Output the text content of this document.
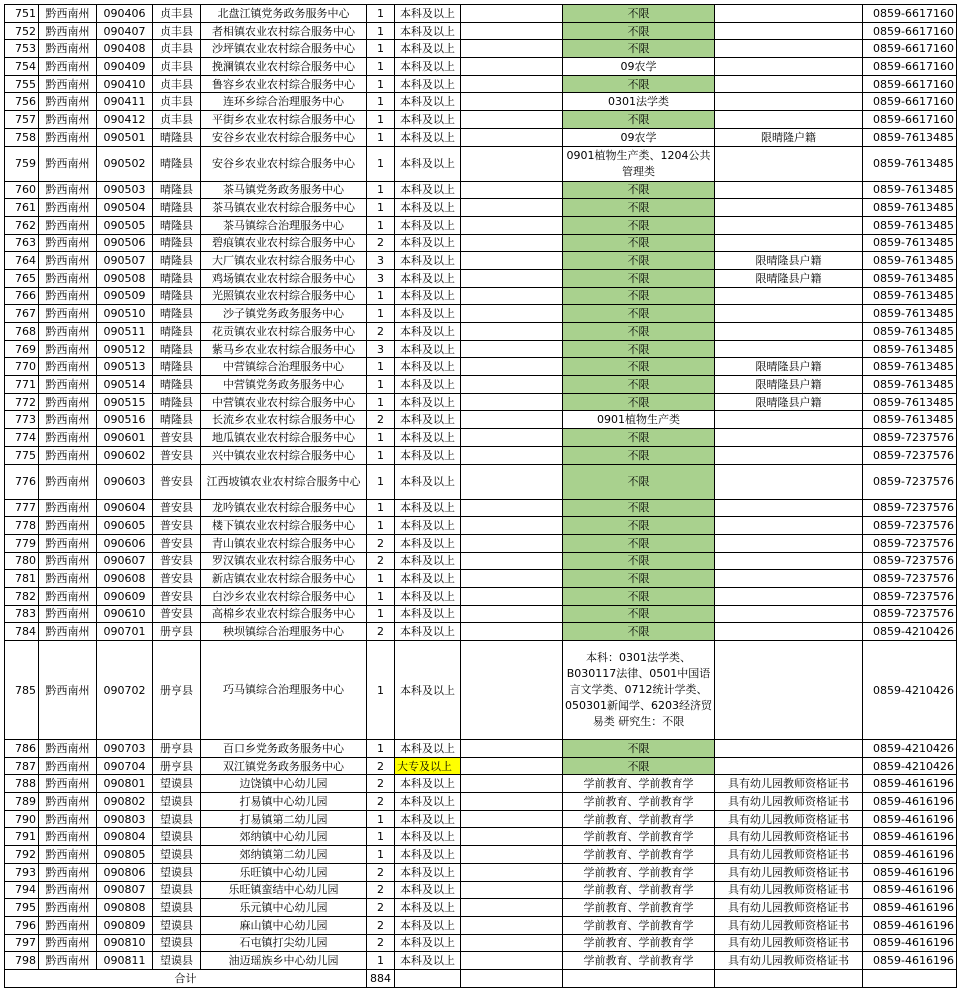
751	黔西南州	090406	贞丰县	北盘江镇党务政务服务中心	1	本科及以上		不限		0859-6617160
752	黔西南州	090407	贞丰县	者相镇农业农村综合服务中心	1	本科及以上		不限		0859-6617160
753	黔西南州	090408	贞丰县	沙坪镇农业农村综合服务中心	1	本科及以上		不限		0859-6617160
754	黔西南州	090409	贞丰县	挽澜镇农业农村综合服务中心	1	本科及以上		09农学		0859-6617160
755	黔西南州	090410	贞丰县	鲁容乡农业农村综合服务中心	1	本科及以上		不限		0859-6617160
756	黔西南州	090411	贞丰县	连环乡综合治理服务中心	1	本科及以上		0301法学类		0859-6617160
757	黔西南州	090412	贞丰县	平街乡农业农村综合服务中心	1	本科及以上		不限		0859-6617160
758	黔西南州	090501	晴隆县	安谷乡农业农村综合服务中心	1	本科及以上		09农学	限晴隆户籍	0859-7613485
759	黔西南州	090502	晴隆县	安谷乡农业农村综合服务中心	1	本科及以上		0901植物生产类、1204公共管理类		0859-7613485
760	黔西南州	090503	晴隆县	茶马镇党务政务服务中心	1	本科及以上		不限		0859-7613485
761	黔西南州	090504	晴隆县	茶马镇农业农村综合服务中心	1	本科及以上		不限		0859-7613485
762	黔西南州	090505	晴隆县	茶马镇综合治理服务中心	1	本科及以上		不限		0859-7613485
763	黔西南州	090506	晴隆县	碧痕镇农业农村综合服务中心	2	本科及以上		不限		0859-7613485
764	黔西南州	090507	晴隆县	大厂镇农业农村综合服务中心	3	本科及以上		不限	限晴隆县户籍	0859-7613485
765	黔西南州	090508	晴隆县	鸡场镇农业农村综合服务中心	3	本科及以上		不限	限晴隆县户籍	0859-7613485
766	黔西南州	090509	晴隆县	光照镇农业农村综合服务中心	1	本科及以上		不限		0859-7613485
767	黔西南州	090510	晴隆县	沙子镇党务政务服务中心	1	本科及以上		不限		0859-7613485
768	黔西南州	090511	晴隆县	花贡镇农业农村综合服务中心	2	本科及以上		不限		0859-7613485
769	黔西南州	090512	晴隆县	紫马乡农业农村综合服务中心	3	本科及以上		不限		0859-7613485
770	黔西南州	090513	晴隆县	中营镇综合治理服务中心	1	本科及以上		不限	限晴隆县户籍	0859-7613485
771	黔西南州	090514	晴隆县	中营镇党务政务服务中心	1	本科及以上		不限	限晴隆县户籍	0859-7613485
772	黔西南州	090515	晴隆县	中营镇农业农村综合服务中心	1	本科及以上		不限	限晴隆县户籍	0859-7613485
773	黔西南州	090516	晴隆县	长流乡农业农村综合服务中心	2	本科及以上		0901植物生产类		0859-7613485
774	黔西南州	090601	普安县	地瓜镇农业农村综合服务中心	1	本科及以上		不限		0859-7237576
775	黔西南州	090602	普安县	兴中镇农业农村综合服务中心	1	本科及以上		不限		0859-7237576
776	黔西南州	090603	普安县	江西坡镇农业农村综合服务中心	1	本科及以上		不限		0859-7237576
777	黔西南州	090604	普安县	龙吟镇农业农村综合服务中心	1	本科及以上		不限		0859-7237576
778	黔西南州	090605	普安县	楼下镇农业农村综合服务中心	1	本科及以上		不限		0859-7237576
779	黔西南州	090606	普安县	青山镇农业农村综合服务中心	2	本科及以上		不限		0859-7237576
780	黔西南州	090607	普安县	罗汉镇农业农村综合服务中心	2	本科及以上		不限		0859-7237576
781	黔西南州	090608	普安县	新店镇农业农村综合服务中心	1	本科及以上		不限		0859-7237576
782	黔西南州	090609	普安县	白沙乡农业农村综合服务中心	1	本科及以上		不限		0859-7237576
783	黔西南州	090610	普安县	高棉乡农业农村综合服务中心	1	本科及以上		不限		0859-7237576
784	黔西南州	090701	册亨县	秧坝镇综合治理服务中心	2	本科及以上		不限		0859-4210426
785	黔西南州	090702	册亨县	巧马镇综合治理服务中心	1	本科及以上		本科：0301法学类、B030117法律、0501中国语言文学类、0712统计学类、050301新闻学、6203经济贸易类 研究生：不限		0859-4210426
786	黔西南州	090703	册亨县	百口乡党务政务服务中心	1	本科及以上		不限		0859-4210426
787	黔西南州	090704	册亨县	双江镇党务政务服务中心	2	大专及以上		不限		0859-4210426
788	黔西南州	090801	望谟县	边饶镇中心幼儿园	2	本科及以上		学前教育、学前教育学	具有幼儿园教师资格证书	0859-4616196
789	黔西南州	090802	望谟县	打易镇中心幼儿园	2	本科及以上		学前教育、学前教育学	具有幼儿园教师资格证书	0859-4616196
790	黔西南州	090803	望谟县	打易镇第二幼儿园	1	本科及以上		学前教育、学前教育学	具有幼儿园教师资格证书	0859-4616196
791	黔西南州	090804	望谟县	郊纳镇中心幼儿园	1	本科及以上		学前教育、学前教育学	具有幼儿园教师资格证书	0859-4616196
792	黔西南州	090805	望谟县	郊纳镇第二幼儿园	1	本科及以上		学前教育、学前教育学	具有幼儿园教师资格证书	0859-4616196
793	黔西南州	090806	望谟县	乐旺镇中心幼儿园	2	本科及以上		学前教育、学前教育学	具有幼儿园教师资格证书	0859-4616196
794	黔西南州	090807	望谟县	乐旺镇蛮结中心幼儿园	2	本科及以上		学前教育、学前教育学	具有幼儿园教师资格证书	0859-4616196
795	黔西南州	090808	望谟县	乐元镇中心幼儿园	2	本科及以上		学前教育、学前教育学	具有幼儿园教师资格证书	0859-4616196
796	黔西南州	090809	望谟县	麻山镇中心幼儿园	2	本科及以上		学前教育、学前教育学	具有幼儿园教师资格证书	0859-4616196
797	黔西南州	090810	望谟县	石屯镇打尖幼儿园	2	本科及以上		学前教育、学前教育学	具有幼儿园教师资格证书	0859-4616196
798	黔西南州	090811	望谟县	油迈瑶族乡中心幼儿园	1	本科及以上		学前教育、学前教育学	具有幼儿园教师资格证书	0859-4616196
合计					884					
